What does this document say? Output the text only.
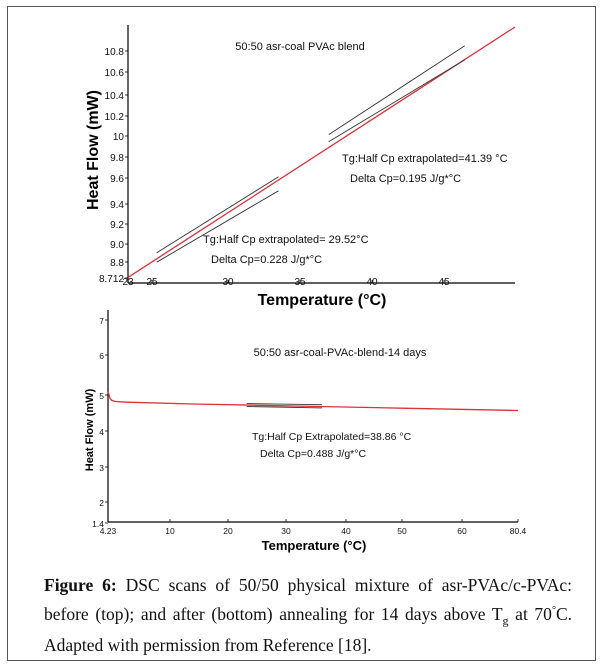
8.712
8.8
9.0
9.2
9.4
9.6
9.8
10
10.2
10.4
10.6
10.8
23 25	30	35	40	45
50:50 asr-coal PVAc blend
Temperature (°C)
Heat Flow (mW)	Tg:Half Cp extrapolated=41.39 °C
Delta Cp=0.195 J/g*°C
Tg:Half Cp extrapolated= 29.52°C
Delta Cp=0.228 J/g*°C
1.4
2
3
4
5
6
7
4.23	10	20	30	40	50	60	80.4
50:50 asr-coal-PVAc-blend-14 days
Temperature (°C)
Heat Flow (mW)	Tg:Half Cp Extrapolated=38.86 °C
Delta Cp=0.488 J/g*°C
Figure 6: DSC scans of 50/50 physical mixture of asr-PVAc/c-PVAc: before (top); and after (bottom) annealing for 14 days above $T_g$ at 70°C. Adapted with permission from Reference [18].
